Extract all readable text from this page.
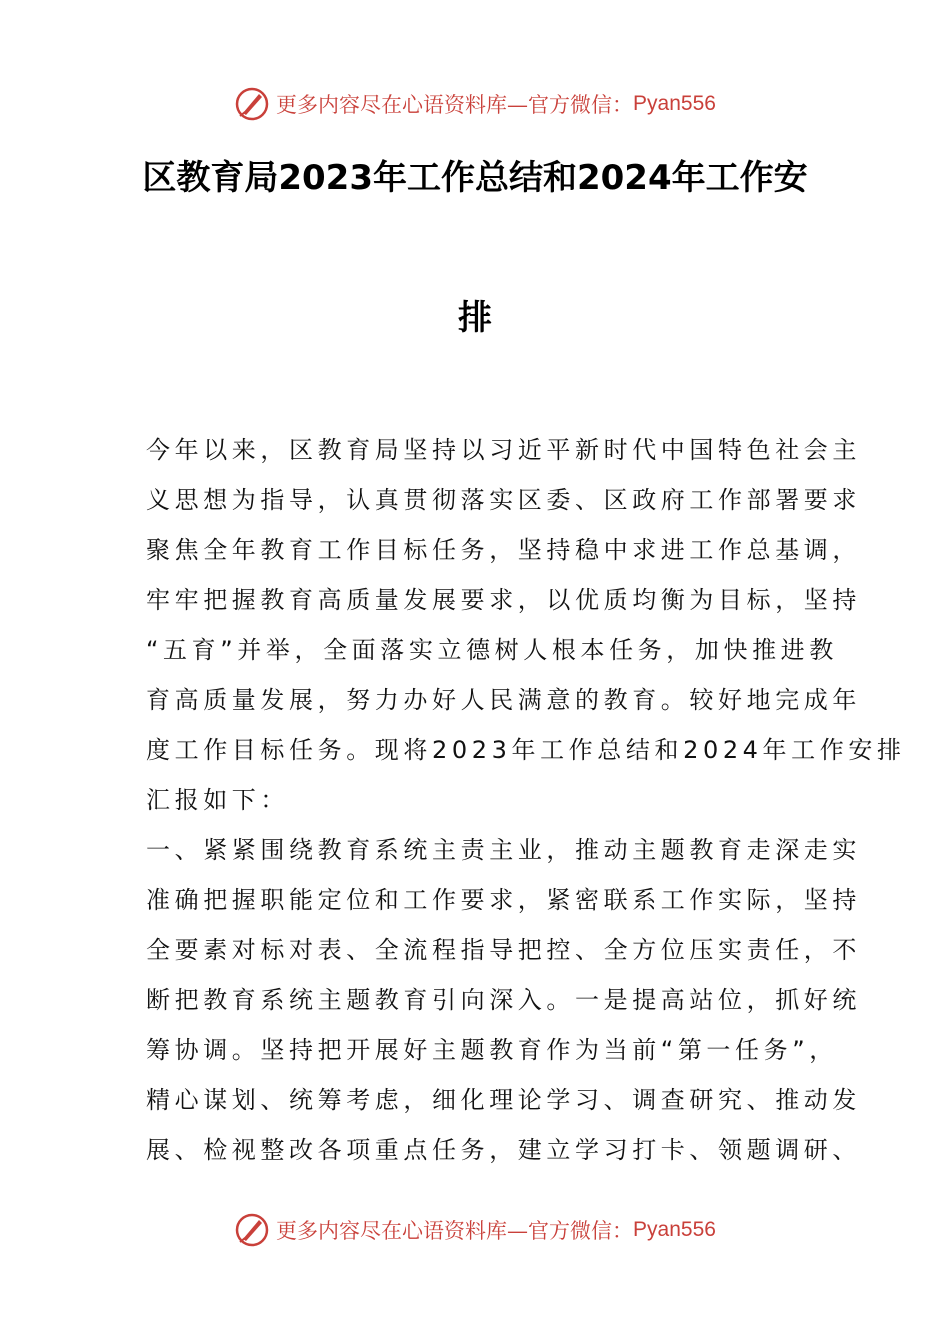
更多内容尽在心语资料库—官方微信： Pyan556
区教育局2023年工作总结和2024年工作安
排
今年以来，区教育局坚持以习近平新时代中国特色社会主
义思想为指导，认真贯彻落实区委、区政府工作部署要求
聚焦全年教育工作目标任务，坚持稳中求进工作总基调，
牢牢把握教育高质量发展要求，以优质均衡为目标，坚持
“五育”并举，全面落实立德树人根本任务，加快推进教
育高质量发展，努力办好人民满意的教育。较好地完成年
度工作目标任务。现将2023年工作总结和2024年工作安排
汇报如下：
一、紧紧围绕教育系统主责主业，推动主题教育走深走实
准确把握职能定位和工作要求，紧密联系工作实际，坚持
全要素对标对表、全流程指导把控、全方位压实责任，不
断把教育系统主题教育引向深入。一是提高站位，抓好统
筹协调。坚持把开展好主题教育作为当前“第一任务”，
精心谋划、统筹考虑，细化理论学习、调查研究、推动发
展、检视整改各项重点任务，建立学习打卡、领题调研、
更多内容尽在心语资料库—官方微信： Pyan556
